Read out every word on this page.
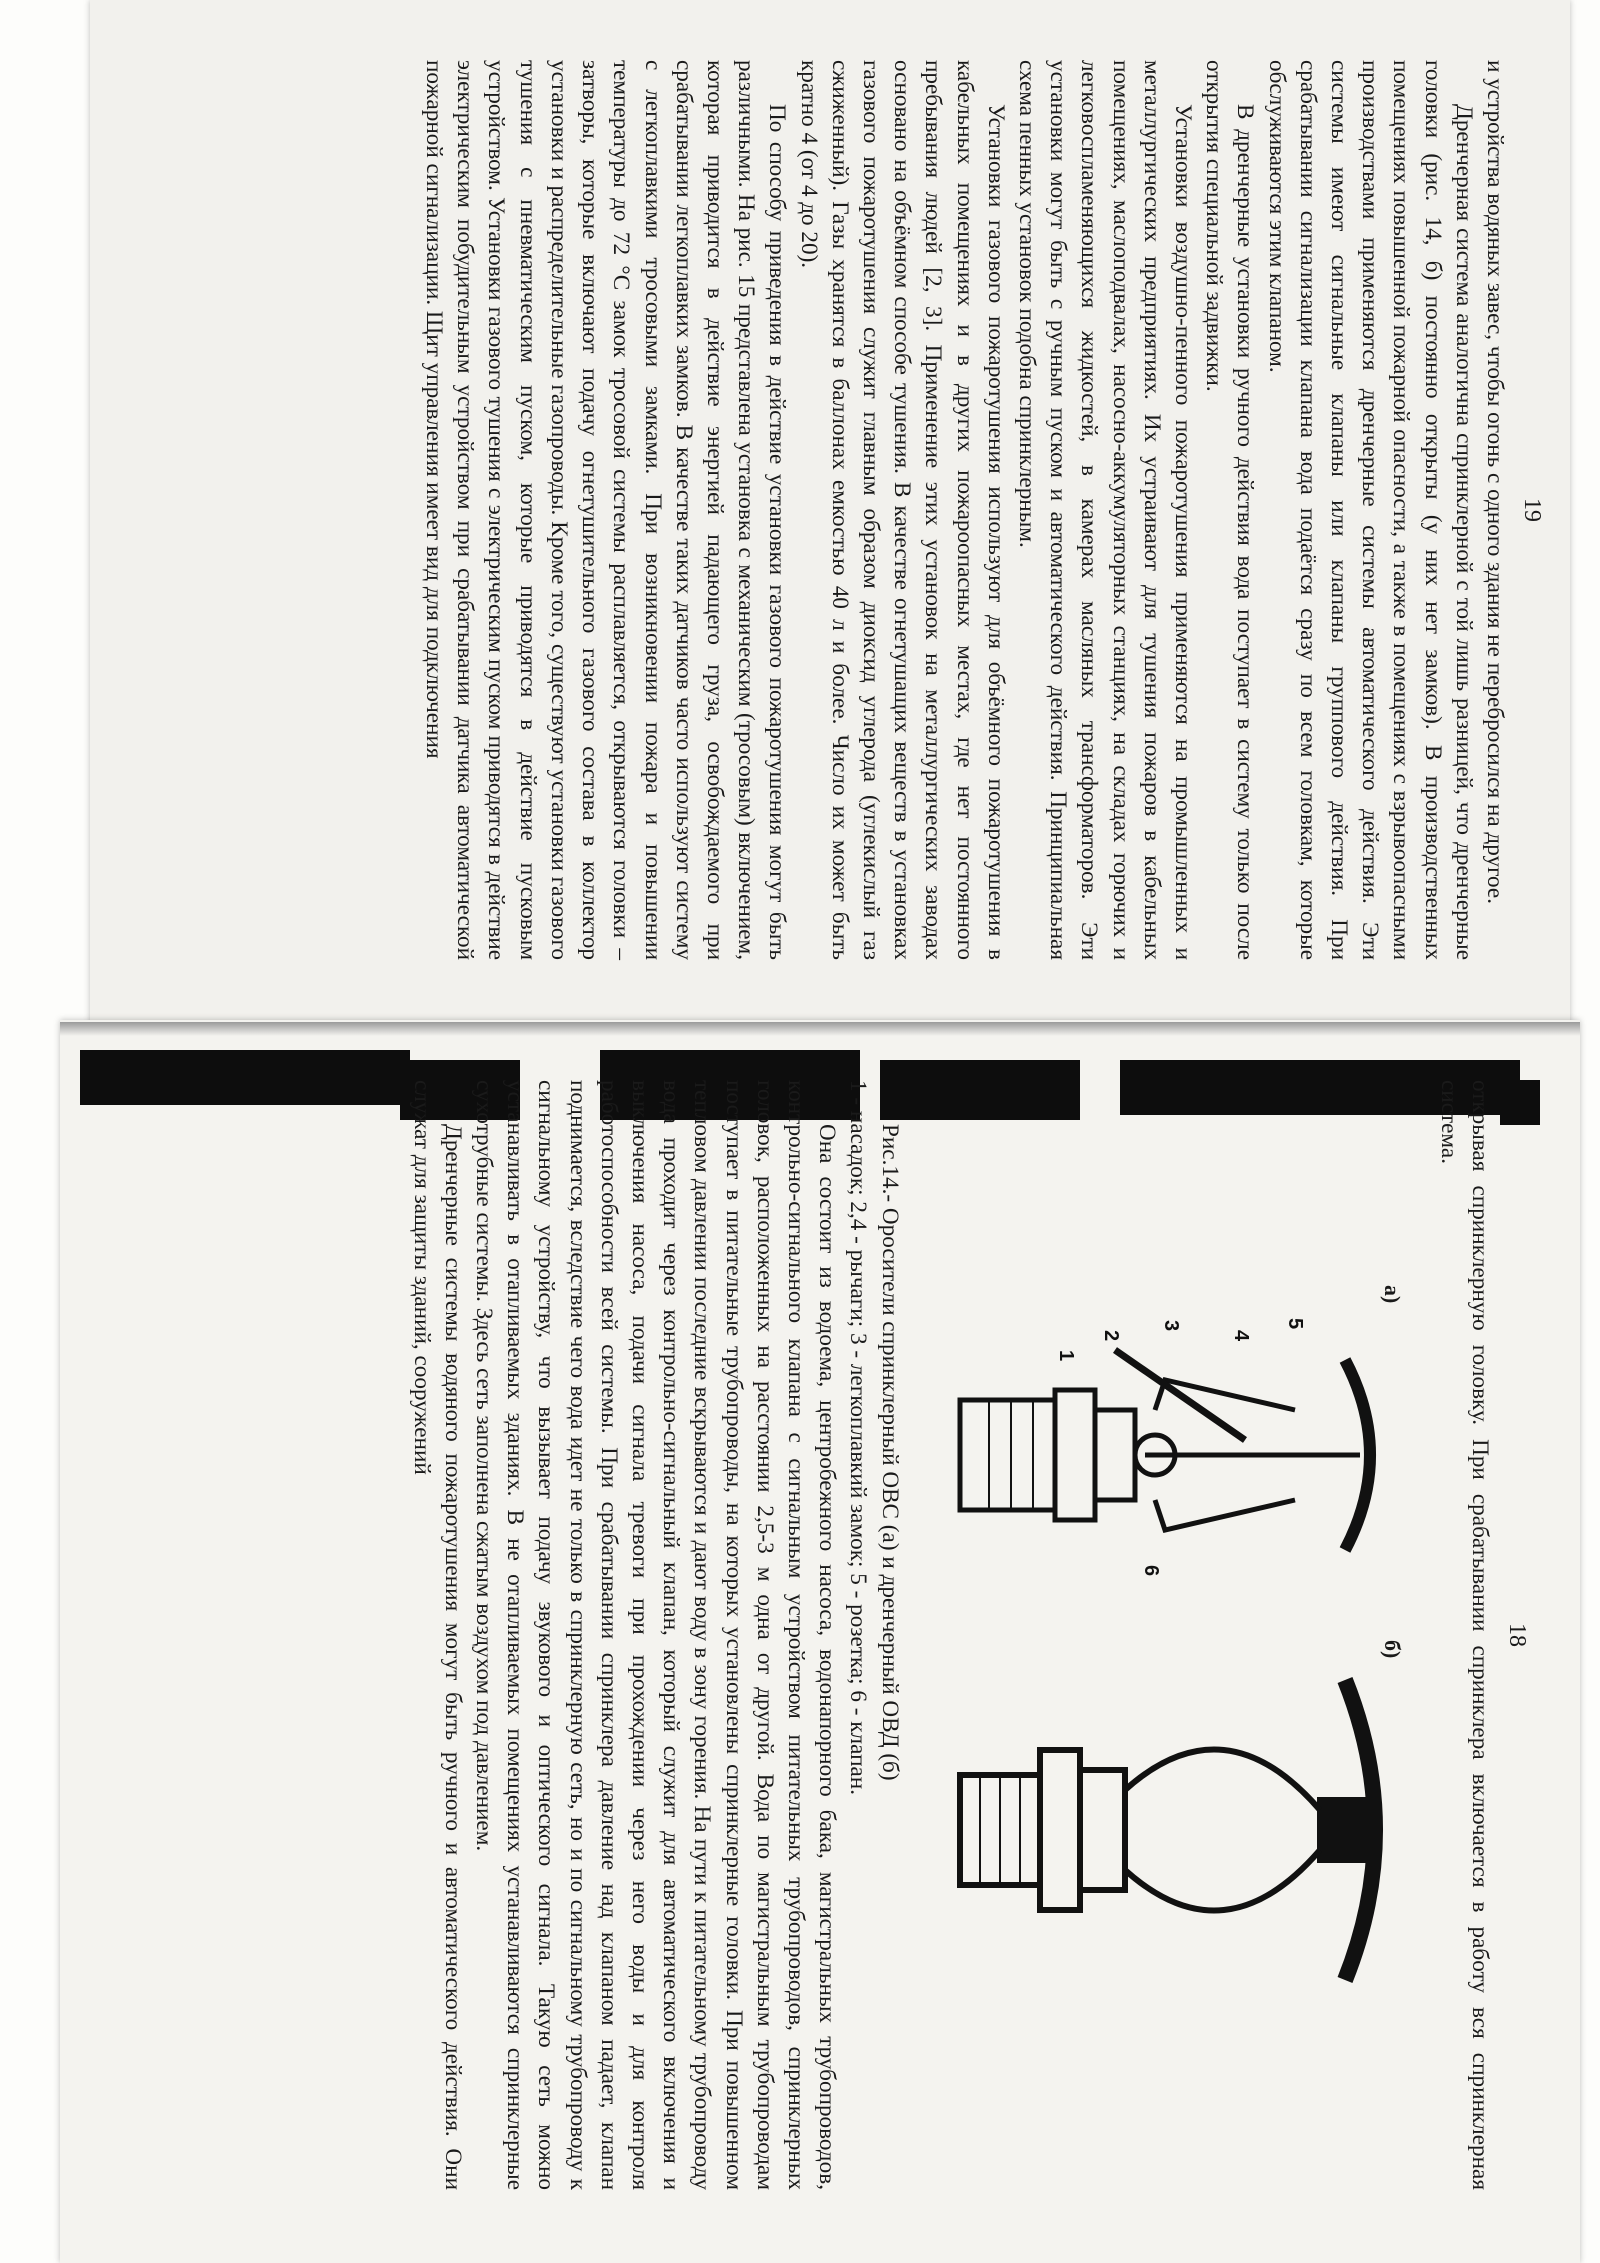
19

и устройства водяных завес, чтобы огонь с одного здания не перебросился на другое.

Дренчерная система аналогична спринклерной с той лишь разницей, что дренчерные головки (рис. 14, б) постоянно открыты (у них нет замков). В производственных помещениях повышенной пожарной опасности, а также в помещениях с взрывоопасными производствами применяются дренчерные системы автоматического действия. Эти системы имеют сигнальные клапаны или клапаны группового действия. При срабатывании сигнализации клапана вода подаётся сразу по всем головкам, которые обслуживаются этим клапаном.

В дренчерные установки ручного действия вода поступает в систему только после открытия специальной задвижки.

Установки воздушно-пенного пожаротушения применяются на промышленных и металлургических предприятиях. Их устраивают для тушения пожаров в кабельных помещениях, маслоподвалах, насосно-аккумуляторных станциях, на складах горючих и легковоспламеняющихся жидкостей, в камерах масляных трансформаторов. Эти установки могут быть с ручным пуском и автоматического действия. Принципиальная схема пенных установок подобна спринклерным.

Установки газового пожаротушения используют для объёмного пожаротушения в кабельных помещениях и в других пожароопасных местах, где нет постоянного пребывания людей [2, 3]. Применение этих установок на металлургических заводах основано на объёмном способе тушения. В качестве огнетушащих веществ в установках газового пожаротушения служит главным образом диоксид углерода (углекислый газ сжиженный). Газы хранятся в баллонах емкостью 40 л и более. Число их может быть кратно 4 (от 4 до 20).

По способу приведения в действие установки газового пожаротушения могут быть различными. На рис. 15 представлена установка с механическим (тросовым) включением, которая приводится в действие энергией падающего груза, освобождаемого при срабатывании легкоплавких замков. В качестве таких датчиков часто используют систему с легкоплавкими тросовыми замками. При возникновении пожара и повышении температуры до 72 °С замок тросовой системы расплавляется, открываются головки – затворы, которые включают подачу огнетушительного газового состава в коллектор установки и распределительные газопроводы. Кроме того, существуют установки газового тушения с пневматическим пуском, которые приводятся в действие пусковым устройством. Установки газового тушения с электрическим пуском приводятся в действие электрическим побудительным устройством при срабатывании датчика автоматической пожарной сигнализации. Щит управления имеет вид для подключения

18

открывая спринклерную головку. При срабатывании спринклера включается в работу вся спринклерная система.

а)
б)
5
4
3
2
1
6

Рис.14.- Оросители спринклерный ОВС (а) и дренчерный ОВД (б)

1 - насадок; 2,4 - рычаги; 3 - легкоплавкий замок; 5 - розетка; 6 - клапан.

Она состоит из водоема, центробежного насоса, водонапорного бака, магистральных трубопроводов, контрольно-сигнального клапана с сигнальным устройством питательных трубопроводов, спринклерных головок, расположенных на расстоянии 2,5-3 м одна от другой. Вода по магистральным трубопроводам поступает в питательные трубопроводы, на которых установлены спринклерные головки. При повышенном тепловом давлении последние вскрываются и дают воду в зону горения. На пути к питательному трубопроводу вода проходит через контрольно-сигнальный клапан, который служит для автоматического включения и выключения насоса, подачи сигнала тревоги при прохождении через него воды и для контроля работоспособности всей системы. При срабатывании спринклера давление над клапаном падает, клапан поднимается, вследствие чего вода идет не только в спринклерную сеть, но и по сигнальному трубопроводу к сигнальному устройству, что вызывает подачу звукового и оптического сигнала. Такую сеть можно устанавливать в отапливаемых зданиях. В не отапливаемых помещениях устанавливаются спринклерные сухотрубные системы. Здесь сеть заполнена сжатым воздухом под давлением.

Дренчерные системы водяного пожаротушения могут быть ручного и автоматического действия. Они служат для защиты зданий, сооружений
